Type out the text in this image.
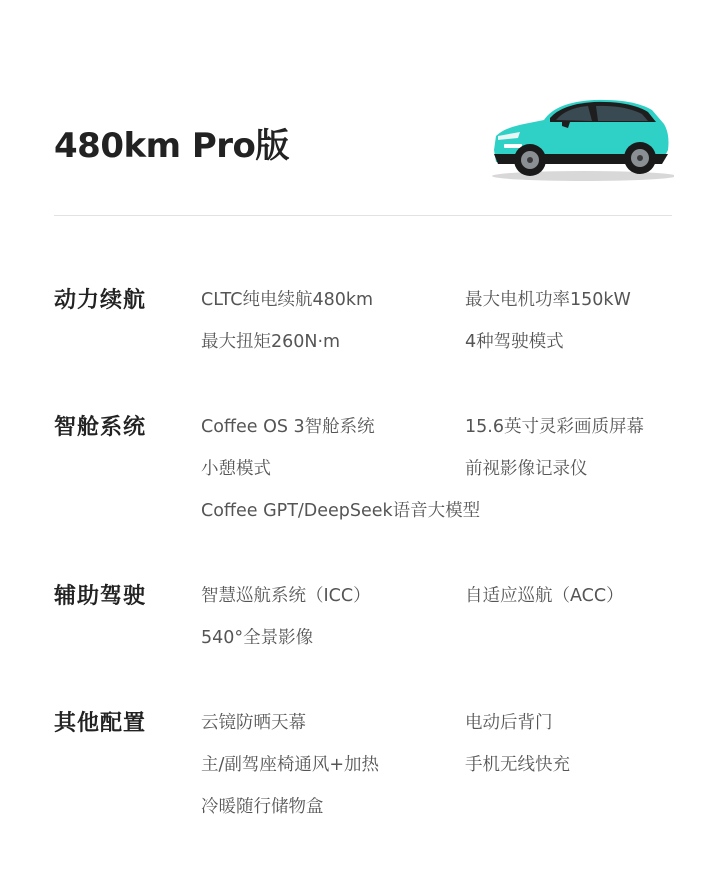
480km Pro版
动力续航	CLTC纯电续航480km	最大电机功率150kW
最大扭矩260N·m	4种驾驶模式
智舱系统	Coffee OS 3智舱系统	15.6英寸灵彩画质屏幕
小憩模式	前视影像记录仪
Coffee GPT/DeepSeek语音大模型
辅助驾驶	智慧巡航系统（ICC）	自适应巡航（ACC）
540°全景影像
其他配置	云镜防晒天幕	电动后背门
主/副驾座椅通风+加热	手机无线快充
冷暖随行储物盒
